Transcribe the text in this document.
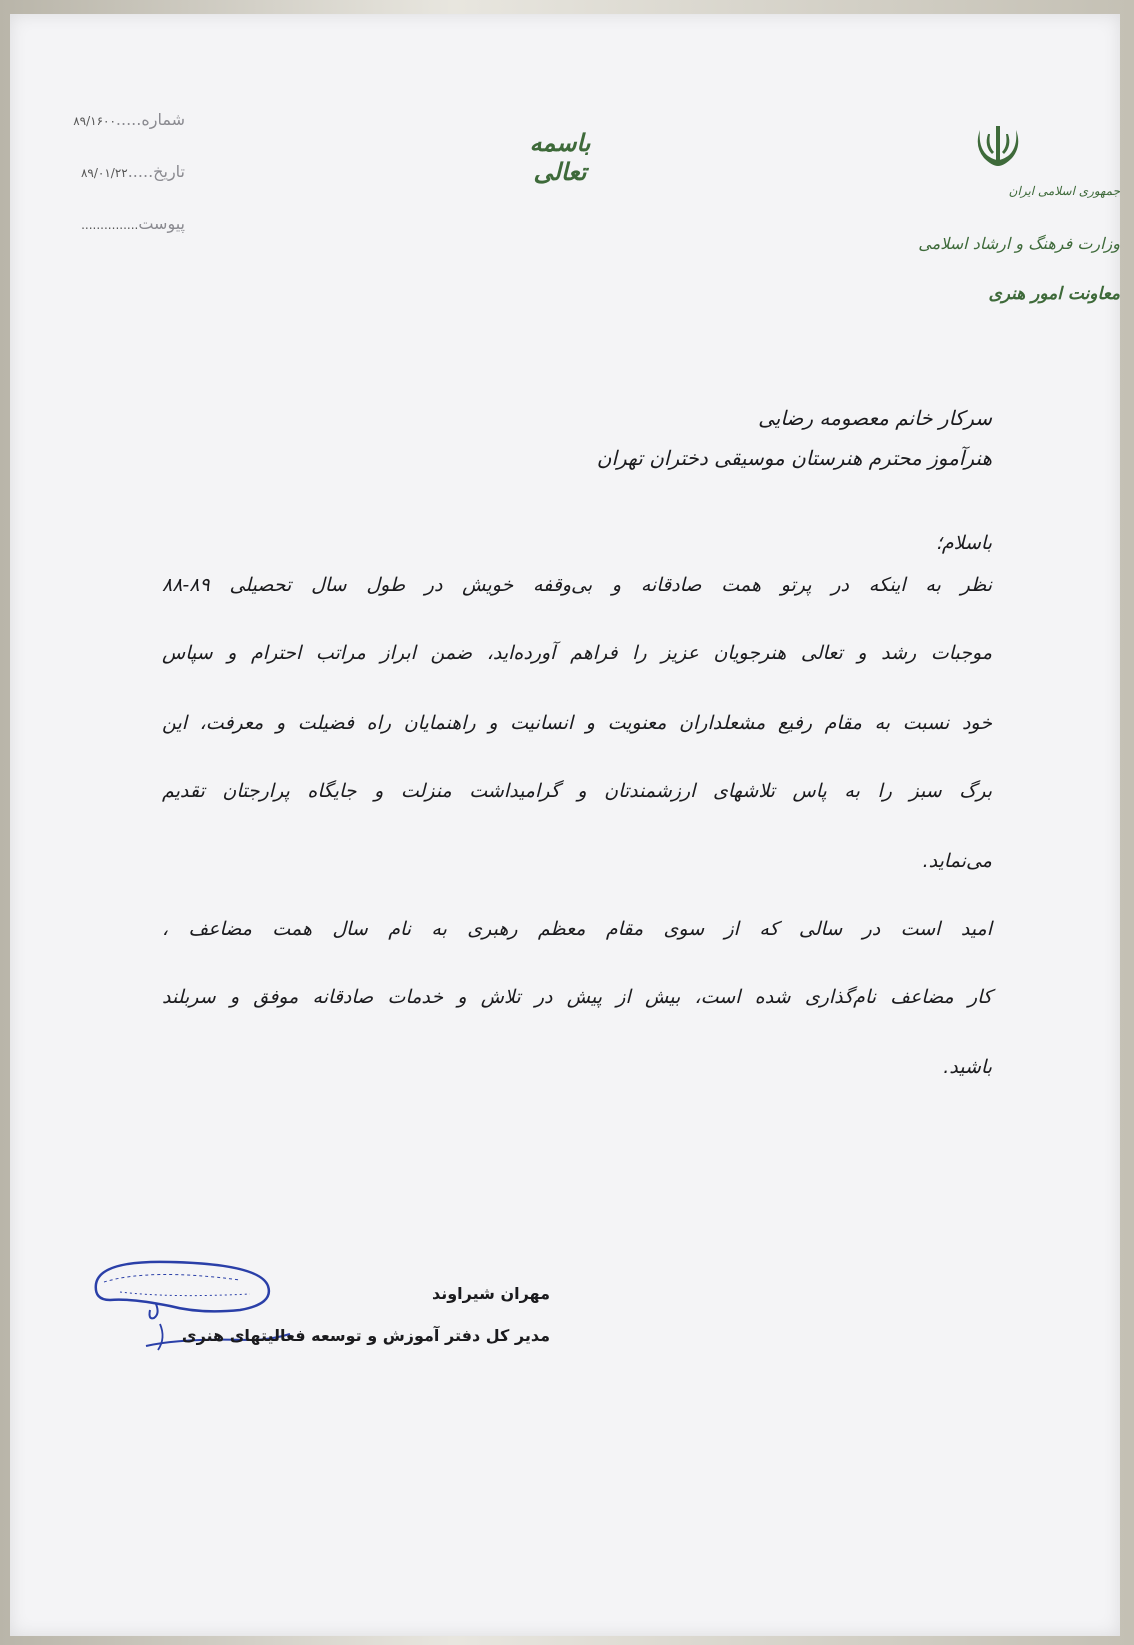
جمهوری اسلامی ایران
وزارت فرهنگ و ارشاد اسلامی
معاونت امور هنری
باسمه تعالی
شماره.....۸۹/۱۶۰۰
تاریخ.....۸۹/۰۱/۲۲
پیوست...............
سرکار خانم معصومه رضایی
هنرآموز محترم هنرستان موسیقی دختران تهران
باسلام؛
نظر به اینکه در پرتو همت صادقانه و بی‌وقفه خویش در طول سال تحصیلی ۸۹-۸۸
موجبات رشد و تعالی هنرجویان عزیز را فراهم آورده‌اید، ضمن ابراز مراتب احترام و سپاس
خود نسبت به مقام رفیع مشعلداران معنویت و انسانیت و راهنمایان راه فضیلت و معرفت، این
برگ سبز را به پاس تلاشهای ارزشمندتان و گرامیداشت منزلت و جایگاه پرارجتان تقدیم
می‌نماید.
امید است در سالی که از سوی مقام معظم رهبری به نام سال همت مضاعف ،
کار مضاعف نام‌گذاری شده است، بیش از پیش در تلاش و خدمات صادقانه موفق و سربلند
باشید.
مهران شیراوند
مدیر کل دفتر آموزش و توسعه فعالیتهای هنری
